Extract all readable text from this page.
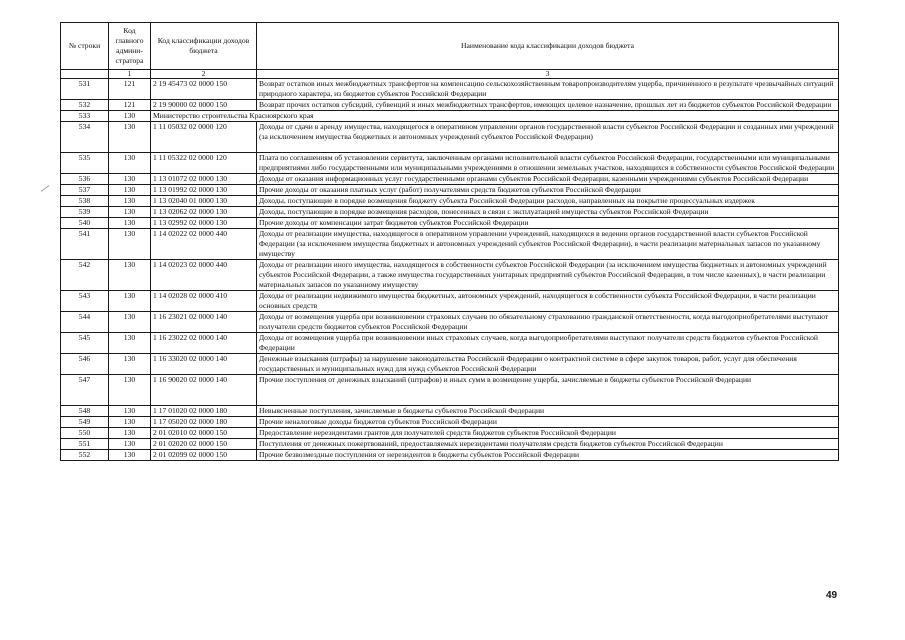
№ строки	Код главного админи-стратора	Код классификации доходов бюджета	Наименование кода классификации доходов бюджета
	1	2	3
531	121	2 19 45473 02 0000 150	Возврат остатков иных межбюджетных трансфертов на компенсацию сельскохозяйственным товаропроизводителям ущерба, причиненного в результате чрезвычайных ситуаций природного характера, из бюджетов субъектов Российской Федерации
532	121	2 19 90000 02 0000 150	Возврат прочих остатков субсидий, субвенций и иных межбюджетных трансфертов, имеющих целевое назначение, прошлых лет из бюджетов субъектов Российской Федерации
533	130	Министерство строительства Красноярского края	
534	130	1 11 05032 02 0000 120	Доходы от сдачи в аренду имущества, находящегося в оперативном управлении органов государственной власти субъектов Российской Федерации и созданных ими учреждений (за исключением имущества бюджетных и автономных учреждений субъектов Российской Федерации)
535	130	1 11 05322 02 0000 120	Плата по соглашениям об установлении сервитута, заключенным органами исполнительной власти субъектов Российской Федерации, государственными или муниципальными предприятиями либо государственными или муниципальными учреждениями в отношении земельных участков, находящихся в собственности субъектов Российской Федерации
536	130	1 13 01072 02 0000 130	Доходы от оказания информационных услуг государственными органами субъектов Российской Федерации, казенными учреждениями субъектов Российской Федерации
537	130	1 13 01992 02 0000 130	Прочие доходы от оказания платных услуг (работ) получателями средств бюджетов субъектов Российской Федерации
538	130	1 13 02040 01 0000 130	Доходы, поступающие в порядке возмещения бюджету субъекта Российской Федерации расходов, направленных на покрытие процессуальных издержек
539	130	1 13 02062 02 0000 130	Доходы, поступающие в порядке возмещения расходов, понесенных в связи с эксплуатацией имущества субъектов Российской Федерации
540	130	1 13 02992 02 0000 130	Прочие доходы от компенсации затрат бюджетов субъектов Российской Федерации
541	130	1 14 02022 02 0000 440	Доходы от реализации имущества, находящегося в оперативном управлении учреждений, находящихся в ведении органов государственной власти субъектов Российской Федерации (за исключением имущества бюджетных и автономных учреждений субъектов Российской Федерации), в части реализации материальных запасов по указанному имуществу
542	130	1 14 02023 02 0000 440	Доходы от реализации иного имущества, находящегося в собственности субъектов Российской Федерации (за исключением имущества бюджетных и автономных учреждений субъектов Российской Федерации, а также имущества государственных унитарных предприятий субъектов Российской Федерации, в том числе казенных), в части реализации материальных запасов по указанному имуществу
543	130	1 14 02028 02 0000 410	Доходы от реализации недвижимого имущества бюджетных, автономных учреждений, находящегося в собственности субъекта Российской Федерации, в части реализации основных средств
544	130	1 16 23021 02 0000 140	Доходы от возмещения ущерба при возникновении страховых случаев по обязательному страхованию гражданской ответственности, когда выгодоприобретателями выступают получатели средств бюджетов субъектов Российской Федерации
545	130	1 16 23022 02 0000 140	Доходы от возмещения ущерба при возникновении иных страховых случаев, когда выгодоприобретателями выступают получатели средств бюджетов субъектов Российской Федерации
546	130	1 16 33020 02 0000 140	Денежные взыскания (штрафы) за нарушение законодательства Российской Федерации о контрактной системе в сфере закупок товаров, работ, услуг для обеспечения государственных и муниципальных нужд для нужд субъектов Российской Федерации
547	130	1 16 90020 02 0000 140	Прочие поступления от денежных взысканий (штрафов) и иных сумм в возмещение ущерба, зачисляемые в бюджеты субъектов Российской Федерации
548	130	1 17 01020 02 0000 180	Невыясненные поступления, зачисляемые в бюджеты субъектов Российской Федерации
549	130	1 17 05020 02 0000 180	Прочие неналоговые доходы бюджетов субъектов Российской Федерации
550	130	2 01 02010 02 0000 150	Предоставление нерезидентами грантов для получателей средств бюджетов субъектов Российской Федерации
551	130	2 01 02020 02 0000 150	Поступления от денежных пожертвований, предоставляемых нерезидентами получателям средств бюджетов субъектов Российской Федерации
552	130	2 01 02099 02 0000 150	Прочие безвозмездные поступления от нерезидентов в бюджеты субъектов Российской Федерации
49
